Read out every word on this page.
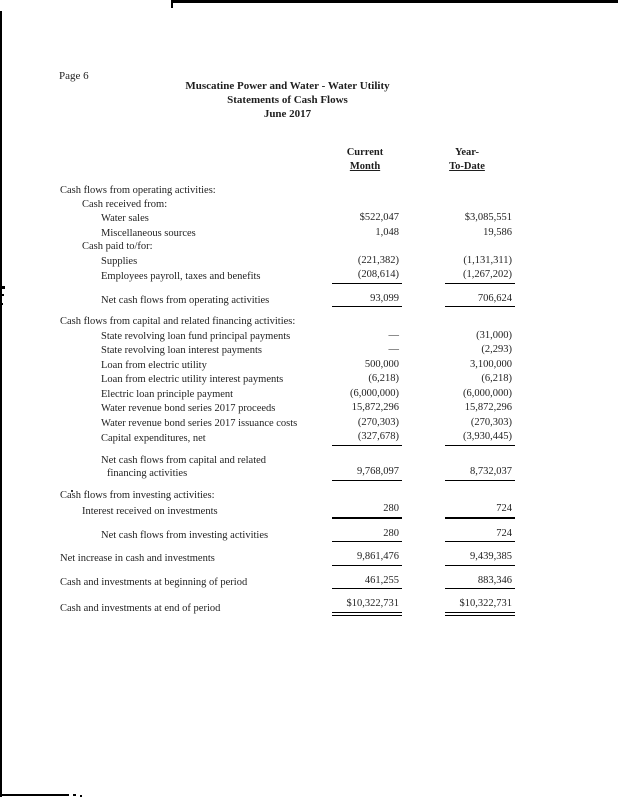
Page 6
Muscatine Power and Water - Water Utility
Statements of Cash Flows
June 2017
Current
Month
Year-
To-Date
Cash flows from operating activities:
Cash received from:
Water sales	$522,047	$3,085,551
Miscellaneous sources	1,048	19,586
Cash paid to/for:
Supplies	(221,382)	(1,131,311)
Employees payroll, taxes and benefits	(208,614)	(1,267,202)
Net cash flows from operating activities	93,099	706,624
Cash flows from capital and related financing activities:
State revolving loan fund principal payments	—	(31,000)
State revolving loan interest payments	—	(2,293)
Loan from electric utility	500,000	3,100,000
Loan from electric utility interest payments	(6,218)	(6,218)
Electric loan principle payment	(6,000,000)	(6,000,000)
Water revenue bond series 2017 proceeds	15,872,296	15,872,296
Water revenue bond series 2017 issuance costs	(270,303)	(270,303)
Capital expenditures, net	(327,678)	(3,930,445)
Net cash flows from capital and related
financing activities	9,768,097	8,732,037
Cash flows from investing activities:
Interest received on investments	280	724
Net cash flows from investing activities	280	724
Net increase in cash and investments	9,861,476	9,439,385
Cash and investments at beginning of period	461,255	883,346
Cash and investments at end of period	$10,322,731	$10,322,731
